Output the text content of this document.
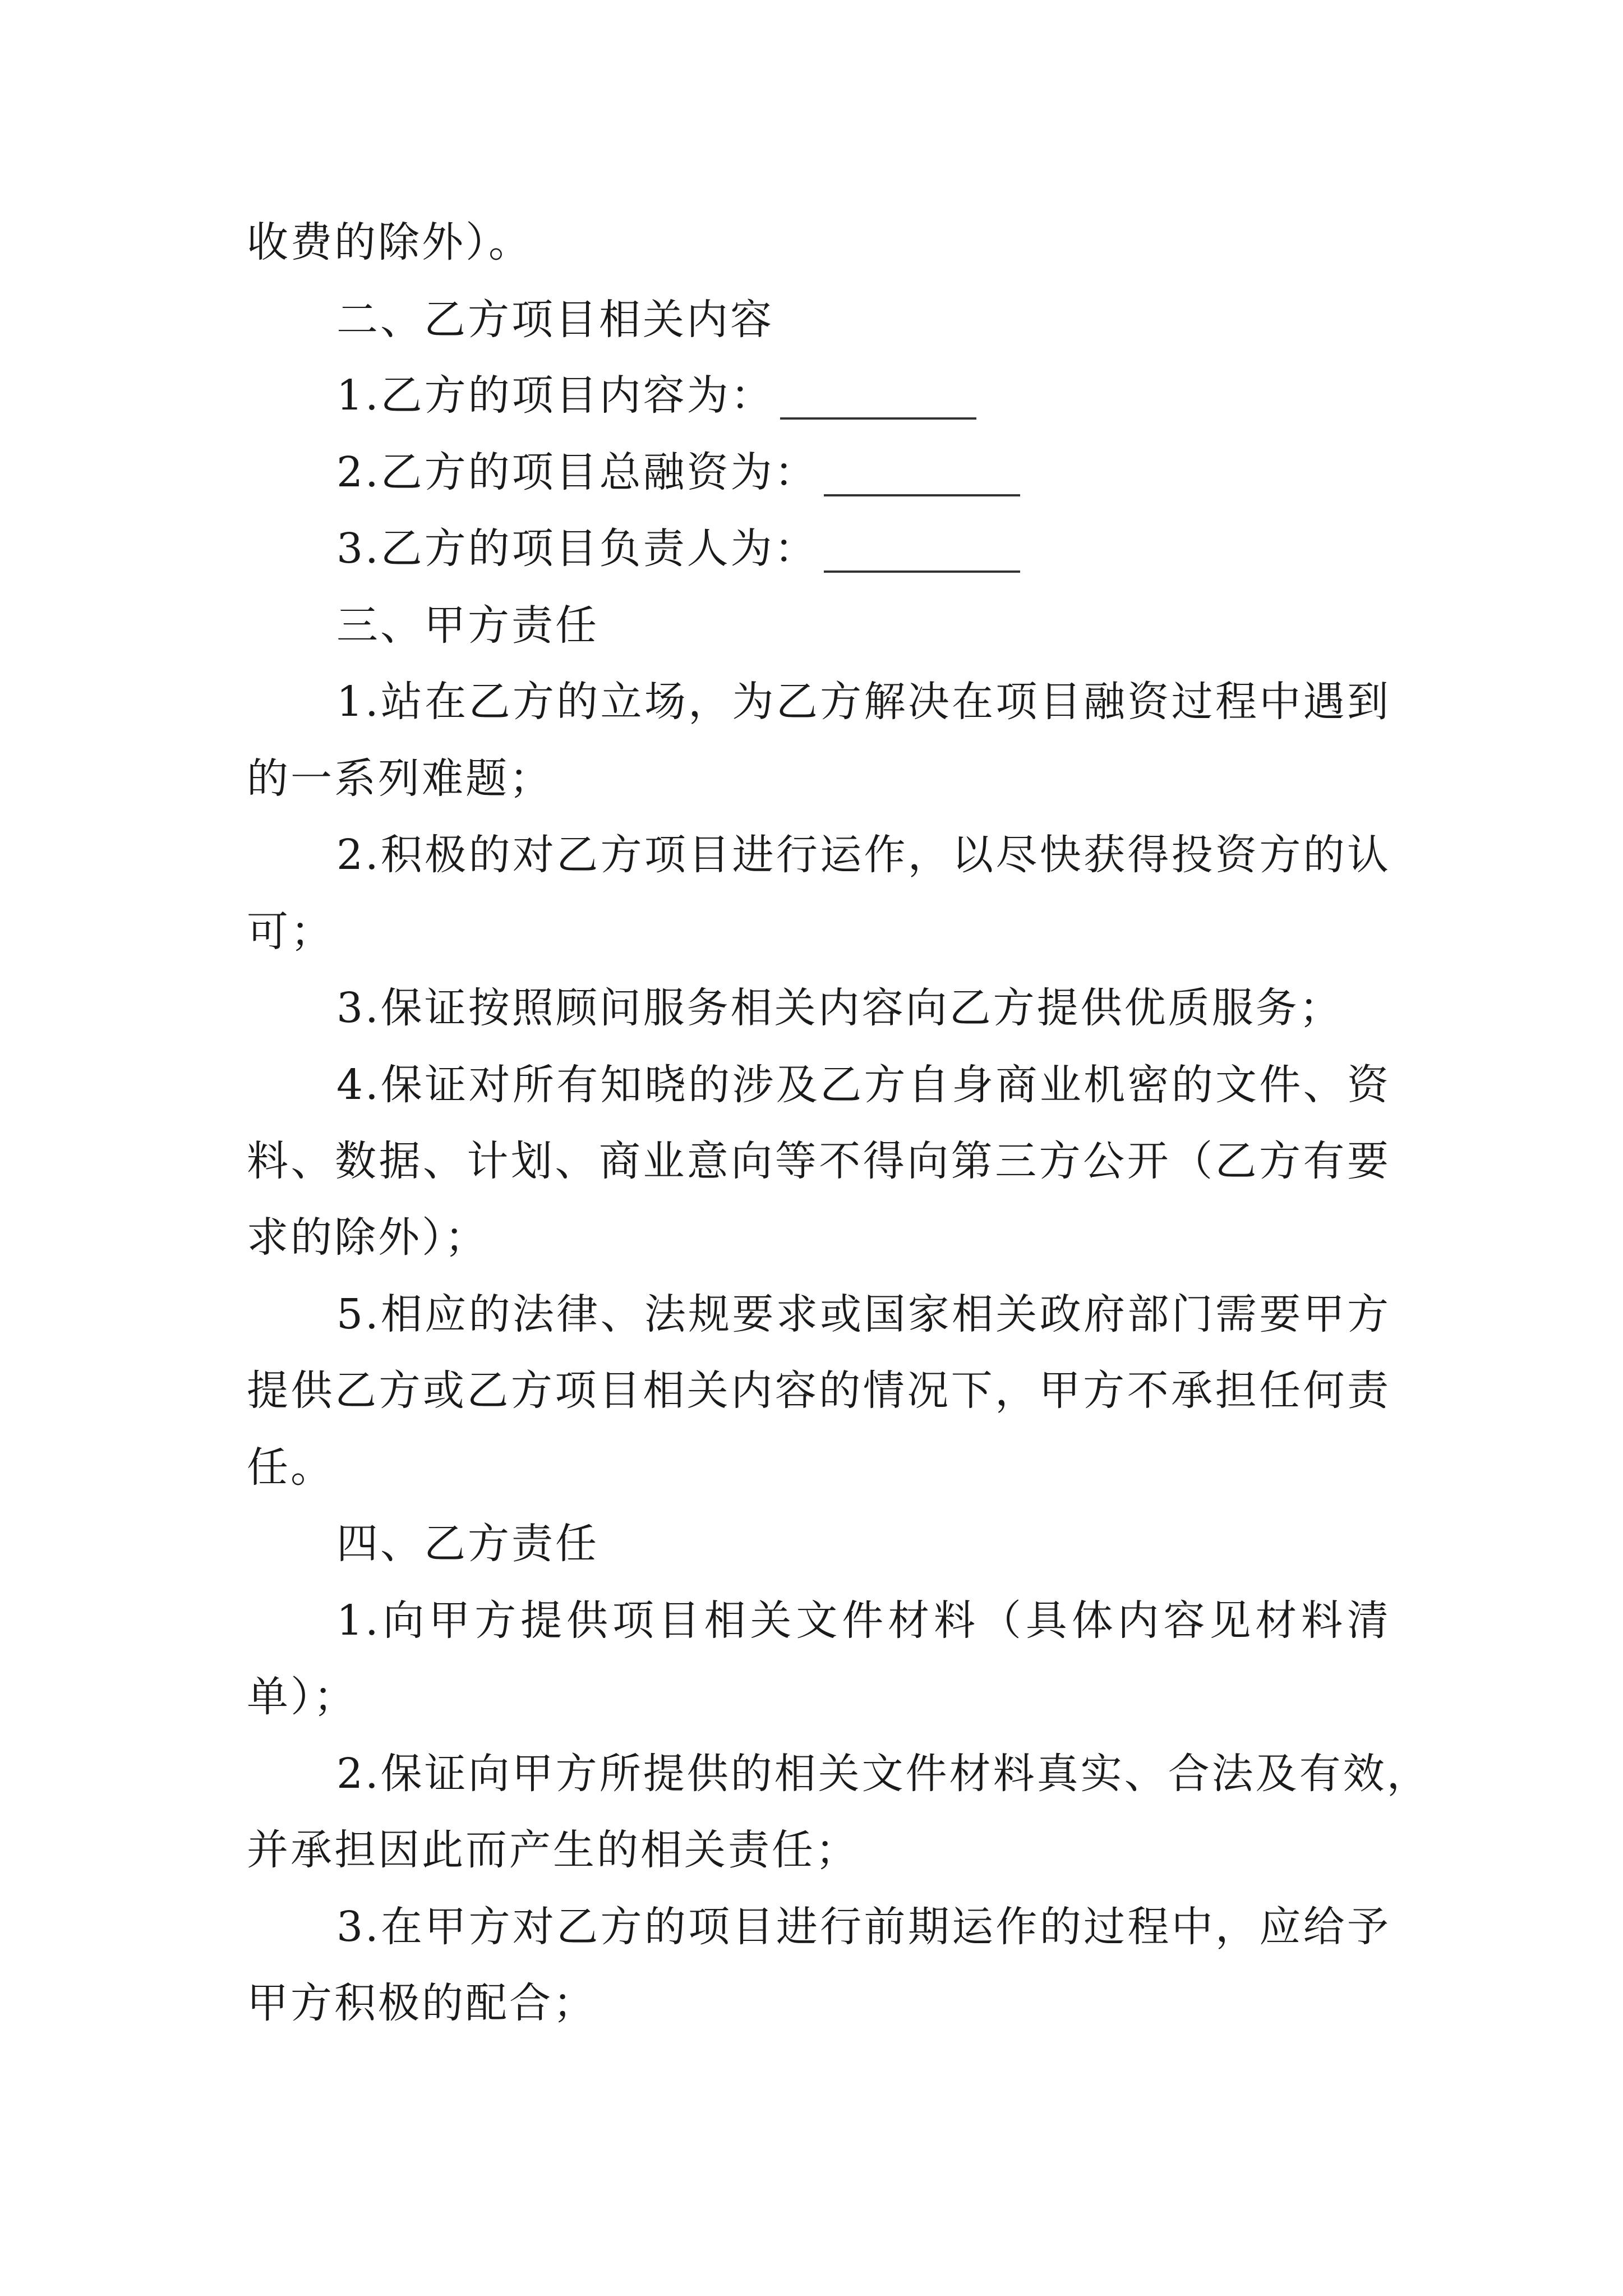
收费的除外）。
二、乙方项目相关内容
1.乙方的项目内容为：
2.乙方的项目总融资为：
3.乙方的项目负责人为：
三、甲方责任
1.站在乙方的立场，为乙方解决在项目融资过程中遇到
的一系列难题；
2.积极的对乙方项目进行运作，以尽快获得投资方的认
可；
3.保证按照顾问服务相关内容向乙方提供优质服务；
4.保证对所有知晓的涉及乙方自身商业机密的文件、资
料、数据、计划、商业意向等不得向第三方公开（乙方有要
求的除外）；
5.相应的法律、法规要求或国家相关政府部门需要甲方
提供乙方或乙方项目相关内容的情况下，甲方不承担任何责
任。
四、乙方责任
1.向甲方提供项目相关文件材料（具体内容见材料清
单）；
2.保证向甲方所提供的相关文件材料真实、合法及有效，
并承担因此而产生的相关责任；
3.在甲方对乙方的项目进行前期运作的过程中，应给予
甲方积极的配合；
